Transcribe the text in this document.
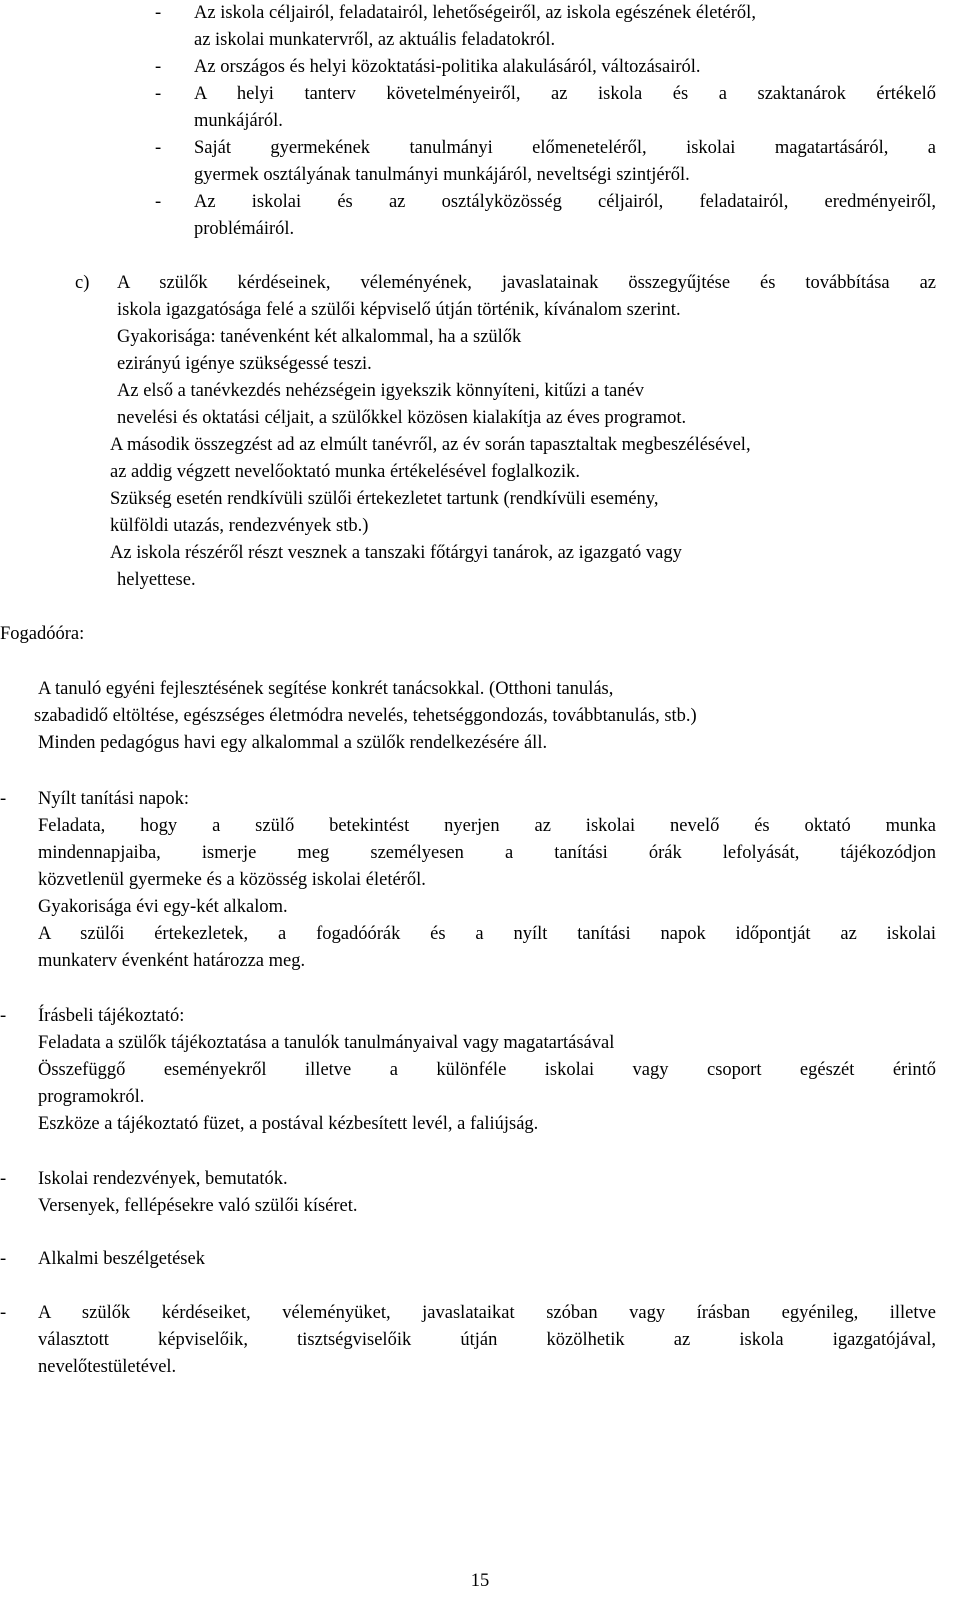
- Az iskola céljairól, feladatairól, lehetőségeiről, az iskola egészének életéről,
az iskolai munkatervről, az aktuális feladatokról.
- Az országos és helyi közoktatási-politika alakulásáról, változásairól.
- A helyi tanterv követelményeiről, az iskola és a szaktanárok értékelő
munkájáról.
- Saját gyermekének tanulmányi előmeneteléről, iskolai magatartásáról, a
gyermek osztályának tanulmányi munkájáról, neveltségi szintjéről.
- Az iskolai és az osztályközösség céljairól, feladatairól, eredményeiről,
problémáiról.
c) A szülők kérdéseinek, véleményének, javaslatainak összegyűjtése és továbbítása az
iskola igazgatósága felé a szülői képviselő útján történik, kívánalom szerint.
Gyakorisága: tanévenként két alkalommal, ha a szülők
ezirányú igénye szükségessé teszi.
Az első a tanévkezdés nehézségein igyekszik könnyíteni, kitűzi a tanév
nevelési és oktatási céljait, a szülőkkel közösen kialakítja az éves programot.
A második összegzést ad az elmúlt tanévről, az év során tapasztaltak megbeszélésével,
az addig végzett nevelőoktató munka értékelésével foglalkozik.
Szükség esetén rendkívüli szülői értekezletet tartunk (rendkívüli esemény,
külföldi utazás, rendezvények stb.)
Az iskola részéről részt vesznek a tanszaki főtárgyi tanárok, az igazgató vagy
helyettese.
Fogadóóra:
A tanuló egyéni fejlesztésének segítése konkrét tanácsokkal. (Otthoni tanulás,
szabadidő eltöltése, egészséges életmódra nevelés, tehetséggondozás, továbbtanulás, stb.)
Minden pedagógus havi egy alkalommal a szülők rendelkezésére áll.
- Nyílt tanítási napok:
Feladata, hogy a szülő betekintést nyerjen az iskolai nevelő és oktató munka
mindennapjaiba, ismerje meg személyesen a tanítási órák lefolyását, tájékozódjon
közvetlenül gyermeke és a közösség iskolai életéről.
Gyakorisága évi egy-két alkalom.
A szülői értekezletek, a fogadóórák és a nyílt tanítási napok időpontját az iskolai
munkaterv évenként határozza meg.
- Írásbeli tájékoztató:
Feladata a szülők tájékoztatása a tanulók tanulmányaival vagy magatartásával
Összefüggő eseményekről illetve a különféle iskolai vagy csoport egészét érintő
programokról.
Eszköze a tájékoztató füzet, a postával kézbesített levél, a faliújság.
- Iskolai rendezvények, bemutatók.
Versenyek, fellépésekre való szülői kíséret.
- Alkalmi beszélgetések
- A szülők kérdéseiket, véleményüket, javaslataikat szóban vagy írásban egyénileg, illetve
választott képviselőik, tisztségviselőik útján közölhetik az iskola igazgatójával,
nevelőtestületével.
15
